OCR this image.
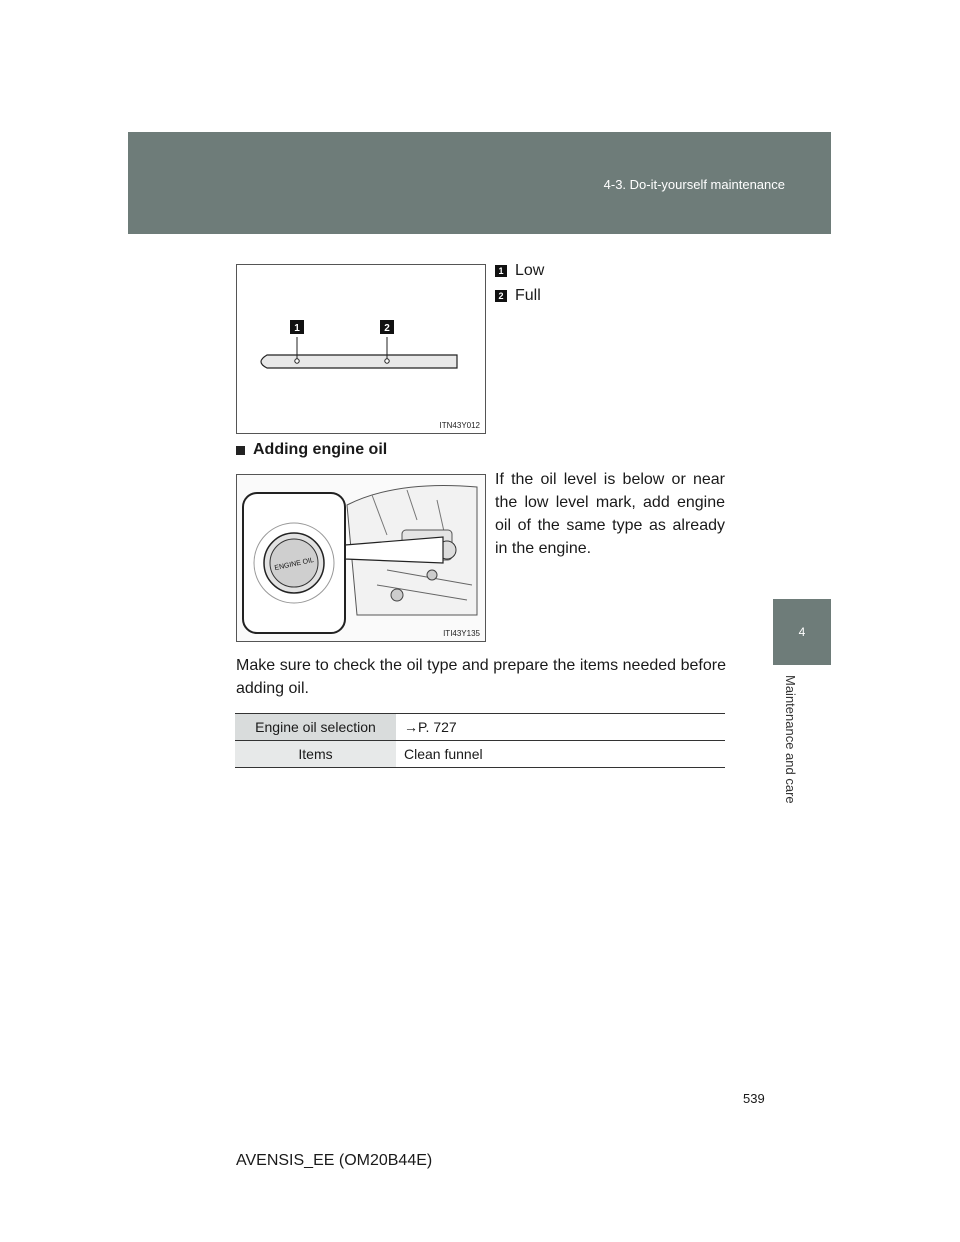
4-3. Do-it-yourself maintenance
4
Maintenance and care
1	2
ITN43Y012
1 Low
2 Full
Adding engine oil
ENGINE OIL
ITI43Y135
If the oil level is below or near the low level mark, add engine oil of the same type as already in the engine.
Make sure to check the oil type and prepare the items needed before adding oil.
Engine oil selection	→P. 727
Items	Clean funnel
539
AVENSIS_EE (OM20B44E)
